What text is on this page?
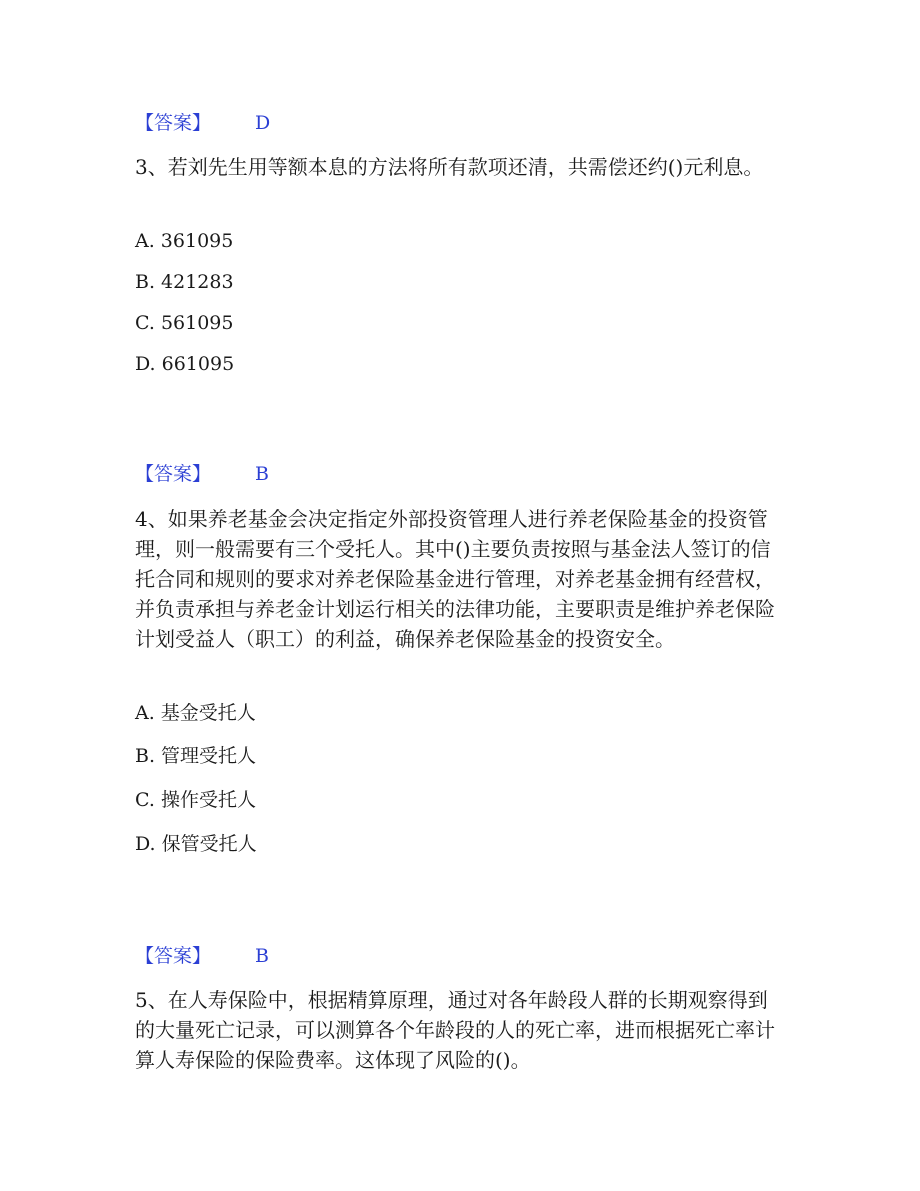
【答案】 D

3、若刘先生用等额本息的方法将所有款项还清，共需偿还约()元利息。

A. 361095
B. 421283
C. 561095
D. 661095
【答案】 B

4、如果养老基金会决定指定外部投资管理人进行养老保险基金的投资管理，则一般需要有三个受托人。其中()主要负责按照与基金法人签订的信托合同和规则的要求对养老保险基金进行管理，对养老基金拥有经营权，并负责承担与养老金计划运行相关的法律功能，主要职责是维护养老保险计划受益人（职工）的利益，确保养老保险基金的投资安全。

A. 基金受托人
B. 管理受托人
C. 操作受托人
D. 保管受托人
【答案】 B

5、在人寿保险中，根据精算原理，通过对各年龄段人群的长期观察得到的大量死亡记录，可以测算各个年龄段的人的死亡率，进而根据死亡率计算人寿保险的保险费率。这体现了风险的()。
